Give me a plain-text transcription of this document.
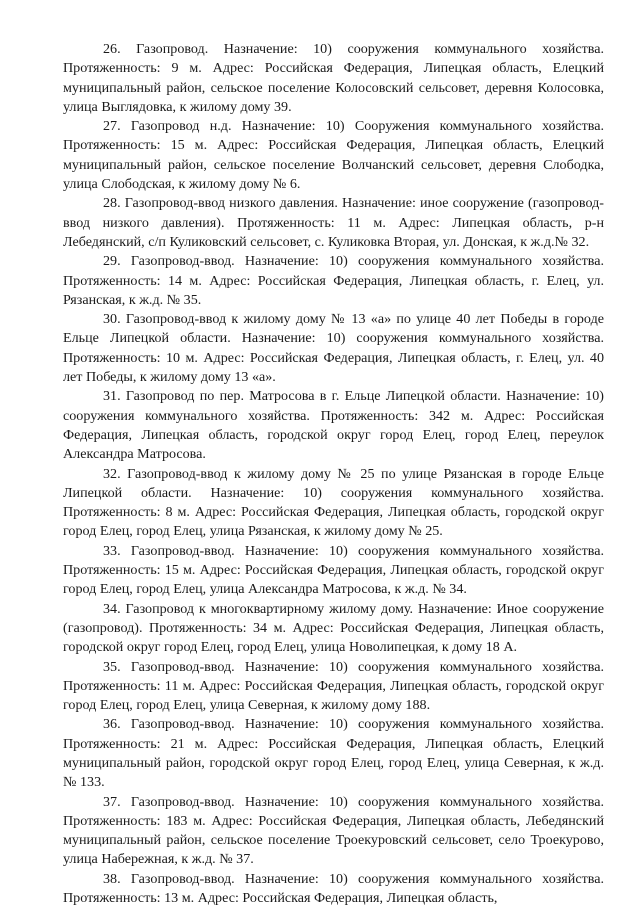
26. Газопровод. Назначение: 10) сооружения коммунального хозяйства. Протяженность: 9 м. Адрес: Российская Федерация, Липецкая область, Елецкий муниципальный район, сельское поселение Колосовский сельсовет, деревня Колосовка, улица Выглядовка, к жилому дому 39.

27. Газопровод н.д. Назначение: 10) Сооружения коммунального хозяйства. Протяженность: 15 м. Адрес: Российская Федерация, Липецкая область, Елецкий муниципальный район, сельское поселение Волчанский сельсовет, деревня Слободка, улица Слободская, к жилому дому № 6.

28. Газопровод-ввод низкого давления. Назначение: иное сооружение (газопровод-ввод низкого давления). Протяженность: 11 м. Адрес: Липецкая область, р-н Лебедянский, с/п Куликовский сельсовет, с. Куликовка Вторая, ул. Донская, к ж.д.№ 32.

29. Газопровод-ввод. Назначение: 10) сооружения коммунального хозяйства. Протяженность: 14 м. Адрес: Российская Федерация, Липецкая область, г. Елец, ул. Рязанская, к ж.д. № 35.

30. Газопровод-ввод к жилому дому № 13 «а» по улице 40 лет Победы в городе Ельце Липецкой области. Назначение: 10) сооружения коммунального хозяйства. Протяженность: 10 м. Адрес: Российская Федерация, Липецкая область, г. Елец, ул. 40 лет Победы, к жилому дому 13 «а».

31. Газопровод по пер. Матросова в г. Ельце Липецкой области. Назначение: 10) сооружения коммунального хозяйства. Протяженность: 342 м. Адрес: Российская Федерация, Липецкая область, городской округ город Елец, город Елец, переулок Александра Матросова.

32. Газопровод-ввод к жилому дому № 25 по улице Рязанская в городе Ельце Липецкой области. Назначение: 10) сооружения коммунального хозяйства. Протяженность: 8 м. Адрес: Российская Федерация, Липецкая область, городской округ город Елец, город Елец, улица Рязанская, к жилому дому № 25.

33. Газопровод-ввод. Назначение: 10) сооружения коммунального хозяйства. Протяженность: 15 м. Адрес: Российская Федерация, Липецкая область, городской округ город Елец, город Елец, улица Александра Матросова, к ж.д. № 34.

34. Газопровод к многоквартирному жилому дому. Назначение: Иное сооружение (газопровод). Протяженность: 34 м. Адрес: Российская Федерация, Липецкая область, городской округ город Елец, город Елец, улица Новолипецкая, к дому 18 А.

35. Газопровод-ввод. Назначение: 10) сооружения коммунального хозяйства. Протяженность: 11 м. Адрес: Российская Федерация, Липецкая область, городской округ город Елец, город Елец, улица Северная, к жилому дому 188.

36. Газопровод-ввод. Назначение: 10) сооружения коммунального хозяйства. Протяженность: 21 м. Адрес: Российская Федерация, Липецкая область, Елецкий муниципальный район, городской округ город Елец, город Елец, улица Северная, к ж.д. № 133.

37. Газопровод-ввод. Назначение: 10) сооружения коммунального хозяйства. Протяженность: 183 м. Адрес: Российская Федерация, Липецкая область, Лебедянский муниципальный район, сельское поселение Троекуровский сельсовет, село Троекурово, улица Набережная, к ж.д. № 37.

38. Газопровод-ввод. Назначение: 10) сооружения коммунального хозяйства. Протяженность: 13 м. Адрес: Российская Федерация, Липецкая область,
